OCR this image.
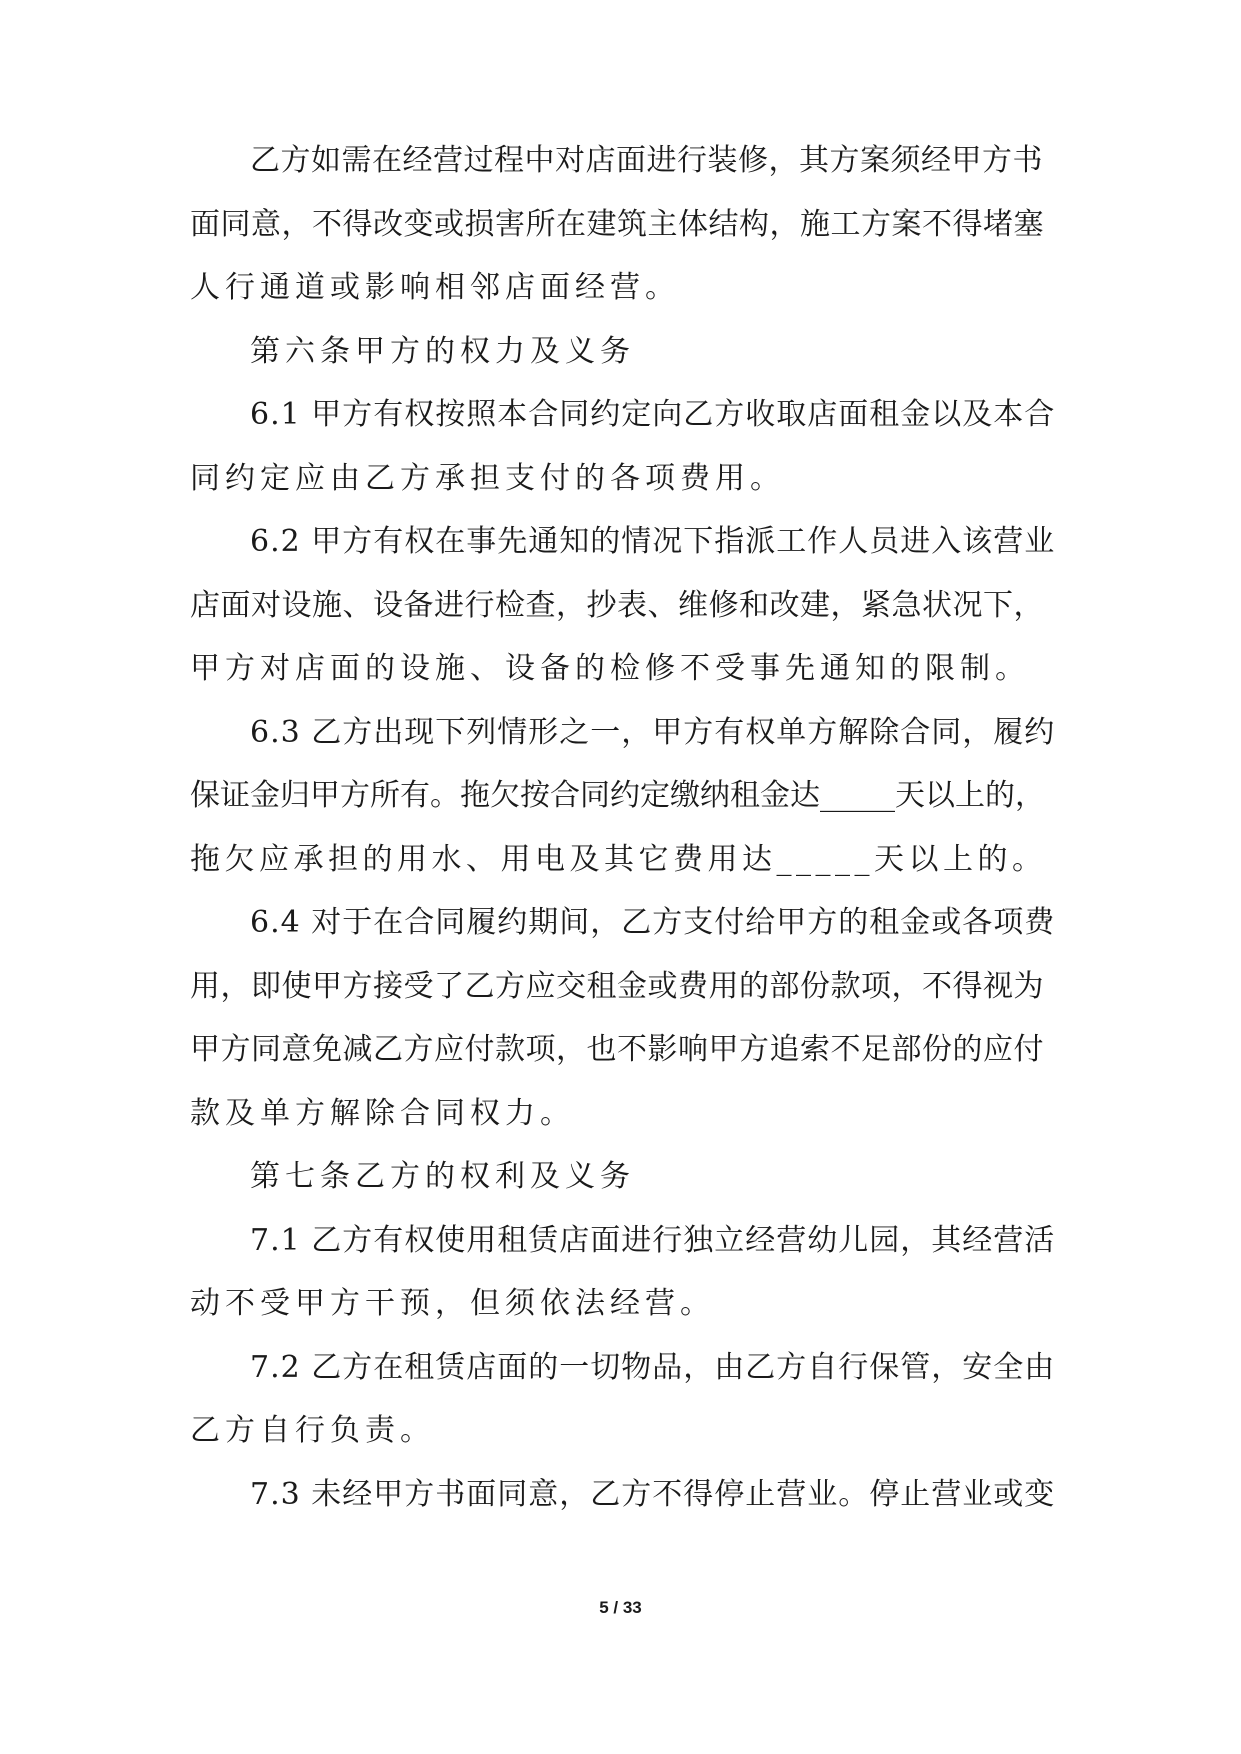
乙方如需在经营过程中对店面进行装修，其方案须经甲方书
面同意，不得改变或损害所在建筑主体结构，施工方案不得堵塞
人行通道或影响相邻店面经营。
第六条甲方的权力及义务
6.1 甲方有权按照本合同约定向乙方收取店面租金以及本合
同约定应由乙方承担支付的各项费用。
6.2 甲方有权在事先通知的情况下指派工作人员进入该营业
店面对设施、设备进行检查，抄表、维修和改建，紧急状况下，
甲方对店面的设施、设备的检修不受事先通知的限制。
6.3 乙方出现下列情形之一，甲方有权单方解除合同，履约
保证金归甲方所有。拖欠按合同约定缴纳租金达_____天以上的，
拖欠应承担的用水、用电及其它费用达_____天以上的。
6.4 对于在合同履约期间，乙方支付给甲方的租金或各项费
用，即使甲方接受了乙方应交租金或费用的部份款项，不得视为
甲方同意免减乙方应付款项，也不影响甲方追索不足部份的应付
款及单方解除合同权力。
第七条乙方的权利及义务
7.1 乙方有权使用租赁店面进行独立经营幼儿园，其经营活
动不受甲方干预，但须依法经营。
7.2 乙方在租赁店面的一切物品，由乙方自行保管，安全由
乙方自行负责。
7.3 未经甲方书面同意，乙方不得停止营业。停止营业或变
5 / 33
